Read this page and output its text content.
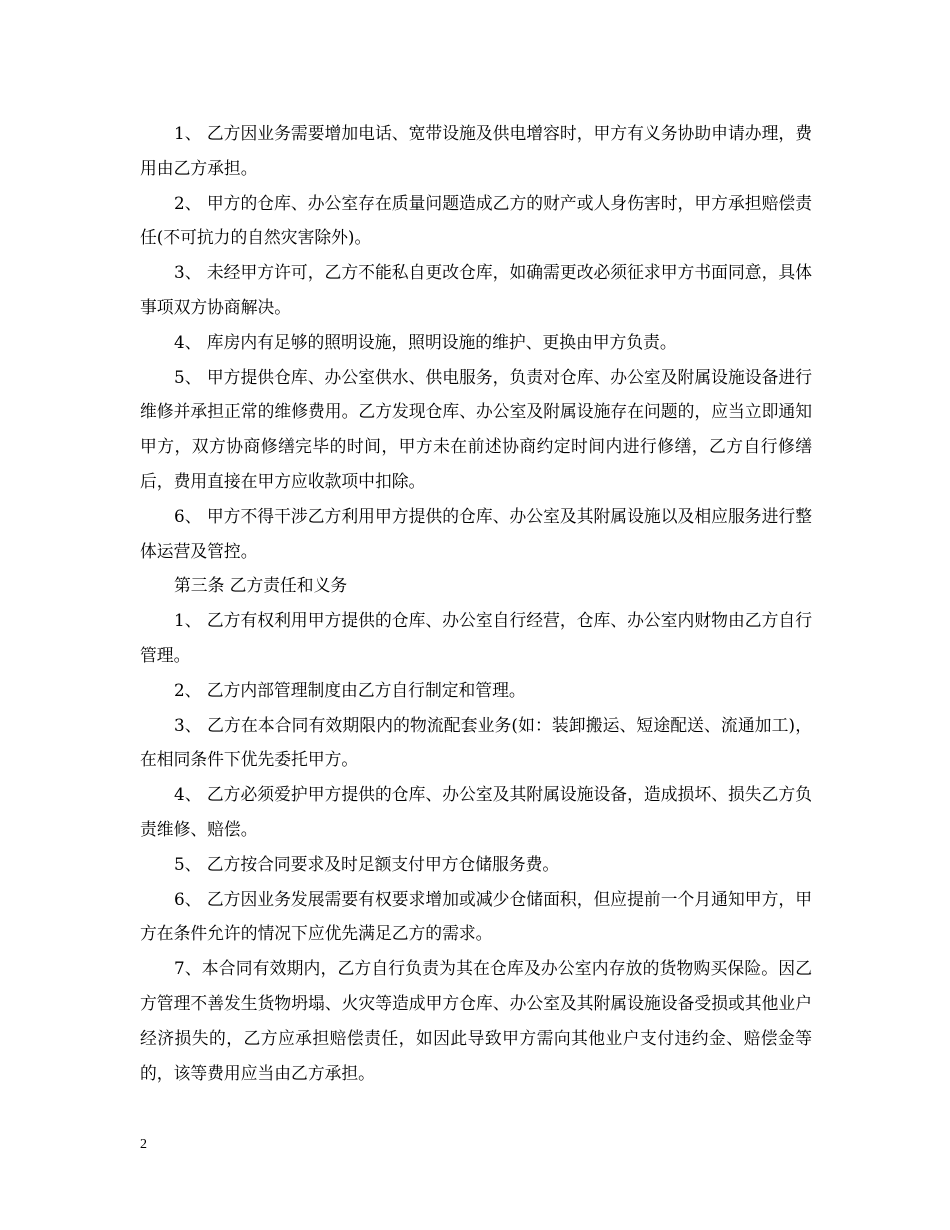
1、 乙方因业务需要增加电话、宽带设施及供电增容时，甲方有义务协助申请办理，费用由乙方承担。

2、 甲方的仓库、办公室存在质量问题造成乙方的财产或人身伤害时，甲方承担赔偿责任(不可抗力的自然灾害除外)。

3、 未经甲方许可，乙方不能私自更改仓库，如确需更改必须征求甲方书面同意，具体事项双方协商解决。

4、 库房内有足够的照明设施，照明设施的维护、更换由甲方负责。

5、 甲方提供仓库、办公室供水、供电服务，负责对仓库、办公室及附属设施设备进行维修并承担正常的维修费用。乙方发现仓库、办公室及附属设施存在问题的，应当立即通知甲方，双方协商修缮完毕的时间，甲方未在前述协商约定时间内进行修缮，乙方自行修缮后，费用直接在甲方应收款项中扣除。

6、 甲方不得干涉乙方利用甲方提供的仓库、办公室及其附属设施以及相应服务进行整体运营及管控。

第三条 乙方责任和义务

1、 乙方有权利用甲方提供的仓库、办公室自行经营，仓库、办公室内财物由乙方自行管理。

2、 乙方内部管理制度由乙方自行制定和管理。

3、 乙方在本合同有效期限内的物流配套业务(如：装卸搬运、短途配送、流通加工)，在相同条件下优先委托甲方。

4、 乙方必须爱护甲方提供的仓库、办公室及其附属设施设备，造成损坏、损失乙方负责维修、赔偿。

5、 乙方按合同要求及时足额支付甲方仓储服务费。

6、 乙方因业务发展需要有权要求增加或减少仓储面积，但应提前一个月通知甲方，甲方在条件允许的情况下应优先满足乙方的需求。

7、本合同有效期内，乙方自行负责为其在仓库及办公室内存放的货物购买保险。因乙方管理不善发生货物坍塌、火灾等造成甲方仓库、办公室及其附属设施设备受损或其他业户经济损失的，乙方应承担赔偿责任，如因此导致甲方需向其他业户支付违约金、赔偿金等的，该等费用应当由乙方承担。

2
